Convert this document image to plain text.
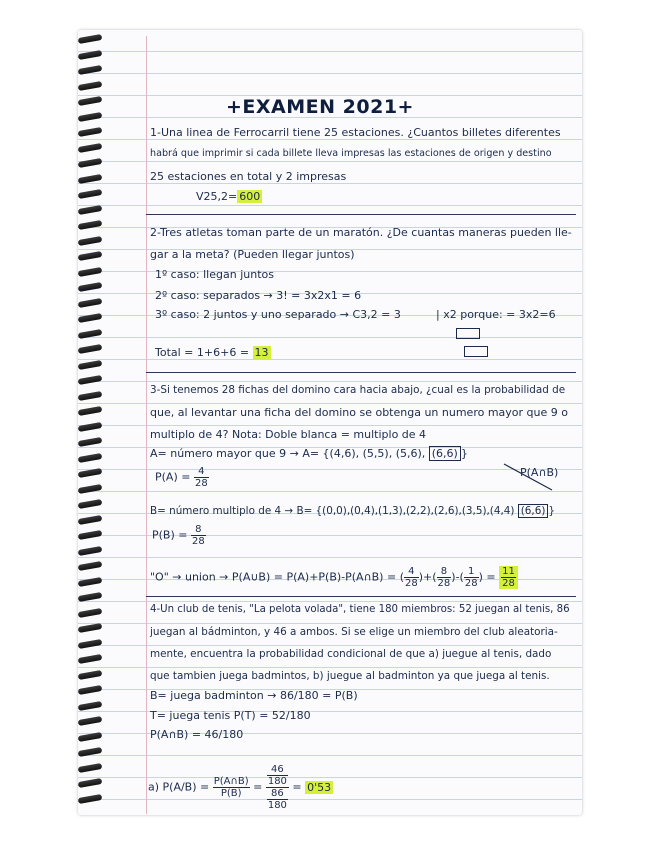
+EXAMEN 2021+
1-Una linea de Ferrocarril tiene 25 estaciones. ¿Cuantos billetes diferentes
habrá que imprimir si cada billete lleva impresas las estaciones de origen y destino
25 estaciones en total y 2 impresas
V25,2= 600
2-Tres atletas toman parte de un maratón. ¿De cuantas maneras pueden lle-
gar a la meta? (Pueden llegar juntos)
1º caso: llegan juntos
2º caso: separados → 3! = 3x2x1 = 6
3º caso: 2 juntos y uno separado → C3,2 = 3	| x2 porque: = 3x2=6
Total = 1+6+6 = 13
3-Si tenemos 28 fichas del domino cara hacia abajo, ¿cual es la probabilidad de
que, al levantar una ficha del domino se obtenga un numero mayor que 9 o
multiplo de 4? Nota: Doble blanca = multiplo de 4
A= número mayor que 9 → A= {(4,6), (5,5), (5,6), (6,6) }
P(A∩B)
$P(A) = \frac{4}{28}$
B= número multiplo de 4 → B= {(0,0),(0,4),(1,3),(2,2),(2,6),(3,5),(4,4) (6,6) }
$P(B) = \frac{8}{28}$
"O" → union → P(A∪B) = P(A)+P(B)-P(A∩B) = ( $\frac{4}{28}$ )+( $\frac{8}{28}$ )-( $\frac{1}{28}$ ) = $\frac{11}{28}$
4-Un club de tenis, "La pelota volada", tiene 180 miembros: 52 juegan al tenis, 86
juegan al bádminton, y 46 a ambos. Si se elige un miembro del club aleatoria-
mente, encuentra la probabilidad condicional de que a) juegue al tenis, dado
que tambien juega badmintos, b) juegue al badminton ya que juega al tenis.
B= juega badminton → 86/180 = P(B)
T= juega tenis P(T) = 52/180
P(A∩B) = 46/180
a) $P(A/B) = \frac{P(A\cap B)}{P(B)} = \frac{\frac{46}{180}}{\frac{86}{180}} = 0'53$
